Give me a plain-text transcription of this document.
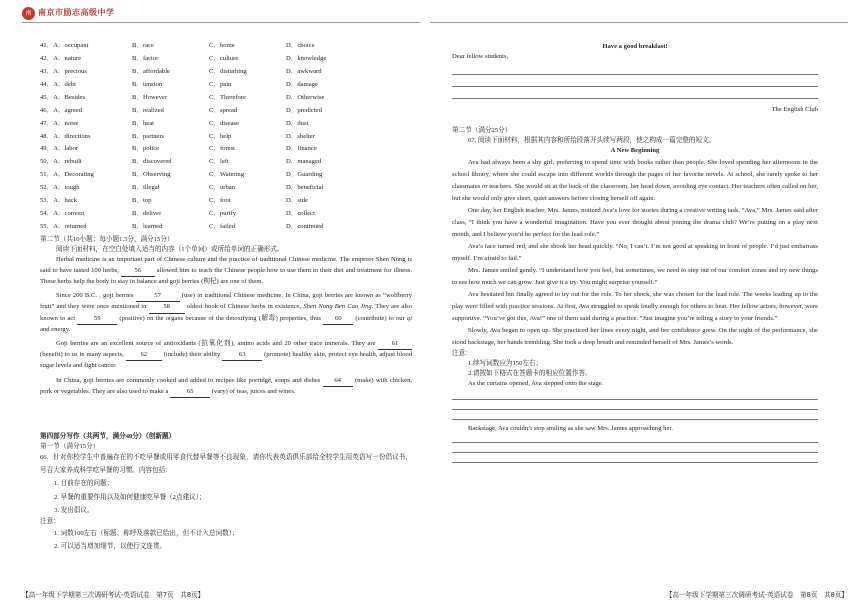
南 南京市励志高级中学
41．A．occupant	B．race	C．home	D．choice
42．A．nature	B．factor	C．culture	D．knowledge
43．A．precious	B．affordable	C．disturbing	D．awkward
44．A．debt	B．tension	C．pain	D．damage
45．A．Besides	B．However	C．Therefore	D．Otherwise
46．A．agreed	B．realized	C．spread	D．predicted
47．A．noise	B．heat	C．disease	D．dust
48．A．directions	B．partners	C．help	D．shelter
49．A．labor	B．police	C．forest	D．finance
50．A．rebuilt	B．discovered	C．left	D．managed
51．A．Decorating	B．Observing	C．Watering	D．Guarding
52．A．tough	B．illegal	C．urban	D．beneficial
53．A．back	B．top	C．foot	D．side
54．A．convert	B．deliver	C．purify	D．collect
55．A．returned	B．learned	C．failed	D．continued
第二节（共10小题；每小题1.5分，满分15分）
阅读下面材料，在空白处填入适当的内容（1个单词）或所给单词的正确形式。

Herbal medicine is an important part of Chinese culture and the practice of traditional Chinese medicine. The emperor Shen Nong is said to have tasted 100 herbs, 56 allowed him to teach the Chinese people how to use them in their diet and treatment for illness. These herbs help the body to stay in balance and goji berries (枸杞) are one of them.

Since 200 B.C. , goji berries	57	(use) in traditional Chinese medicine. In China, goji berries are known as “wolfberry fruit” and they were once mentioned in	58	oldest book of Chinese herbs in existence, Shen Nong Ben Cao Jing. They are also known to act	59	(positive) on the organs because of the detoxifying (解毒) properties, thus 60 (contribute) to our qi and energy.

Goji berries are an excellent source of antioxidants (抗氧化剂), amino acids and 20 other trace minerals. They are 61 (benefit) to us in many aspects,	62	(include) their ability	63	(promote) healthy skin, protect eye health, adjust blood sugar levels and fight cancer.

In China, goji berries are commonly cooked and added to recipes like porridge, soups and dishes 64 (make) with chicken, pork or vegetables. They are also used to make a	65	(vary) of teas, juices and wines.

第四部分写作（共两节，满分40分）（创新题）
第一节（满分15分）
66．针对你校学生中普遍存在的不吃早餐或用零食代替早餐等不良现象，请你代表英语俱乐部给全校学生用英语写一份倡议书，号召大家养成科学吃早餐的习惯。内容包括：
1. 目前存在的问题；
2. 早餐的重要作用以及如何健康吃早餐（2点建议）；
3. 发出倡议。
注意：
1. 词数100左右（标题、称呼及落款已给出，但不计入总词数）；
2. 可以适当增加细节，以使行文连贯。
【高一年级下学期第三次调研考试-英语试卷　第7页　共8页】	【高一年级下学期第三次调研考试-英语试卷　第8页　共8页】
Have a good breakfast!
Dear fellow students,
The English Club
第二节（满分25分）
67. 阅读下面材料，根据其内容和所给段落开头续写两段，使之构成一篇完整的短文。
A New Beginning

Ava had always been a shy girl, preferring to spend time with books rather than people. She loved spending her afternoons in the school library, where she could escape into different worlds through the pages of her favorite novels. At school, she rarely spoke to her classmates or teachers. She would sit at the back of the classroom, her head down, avoiding eye contact. Her teachers often called on her, but she would only give short, quiet answers before closing herself off again.

One day, her English teacher, Mrs. James, noticed Ava’s love for stories during a creative writing task. “Ava,” Mrs. James said after class, “I think you have a wonderful imagination. Have you ever thought about joining the drama club? We’re putting on a play next month, and I believe you’d be perfect for the lead role.”

Ava’s face turned red, and she shook her head quickly. “No, I can’t. I’m not good at speaking in front of people. I’d just embarrass myself. I’m afraid to fail.”

Mrs. James smiled gently. “I understand how you feel, but sometimes, we need to step out of our comfort zones and try new things to see how much we can grow. Just give it a try. You might surprise yourself.”

Ava hesitated but finally agreed to try out for the role. To her shock, she was chosen for the lead role. The weeks leading up to the play were filled with practice sessions. At first, Ava struggled to speak loudly enough for others to hear. Her fellow actors, however, were supportive. “You’ve got this, Ava!” one of them said during a practice. “Just imagine you’re telling a story to your friends.”

Slowly, Ava began to open up. She practiced her lines every night, and her confidence grew. On the night of the performance, she stood backstage, her hands trembling. She took a deep breath and reminded herself of Mrs. James’s words.

注意：
1.续写词数应为150左右；
2.请按如下格式在答题卡的相应位置作答。
As the curtains opened, Ava stepped onto the stage.
Backstage, Ava couldn’t stop smiling as she saw Mrs. James approaching her.
